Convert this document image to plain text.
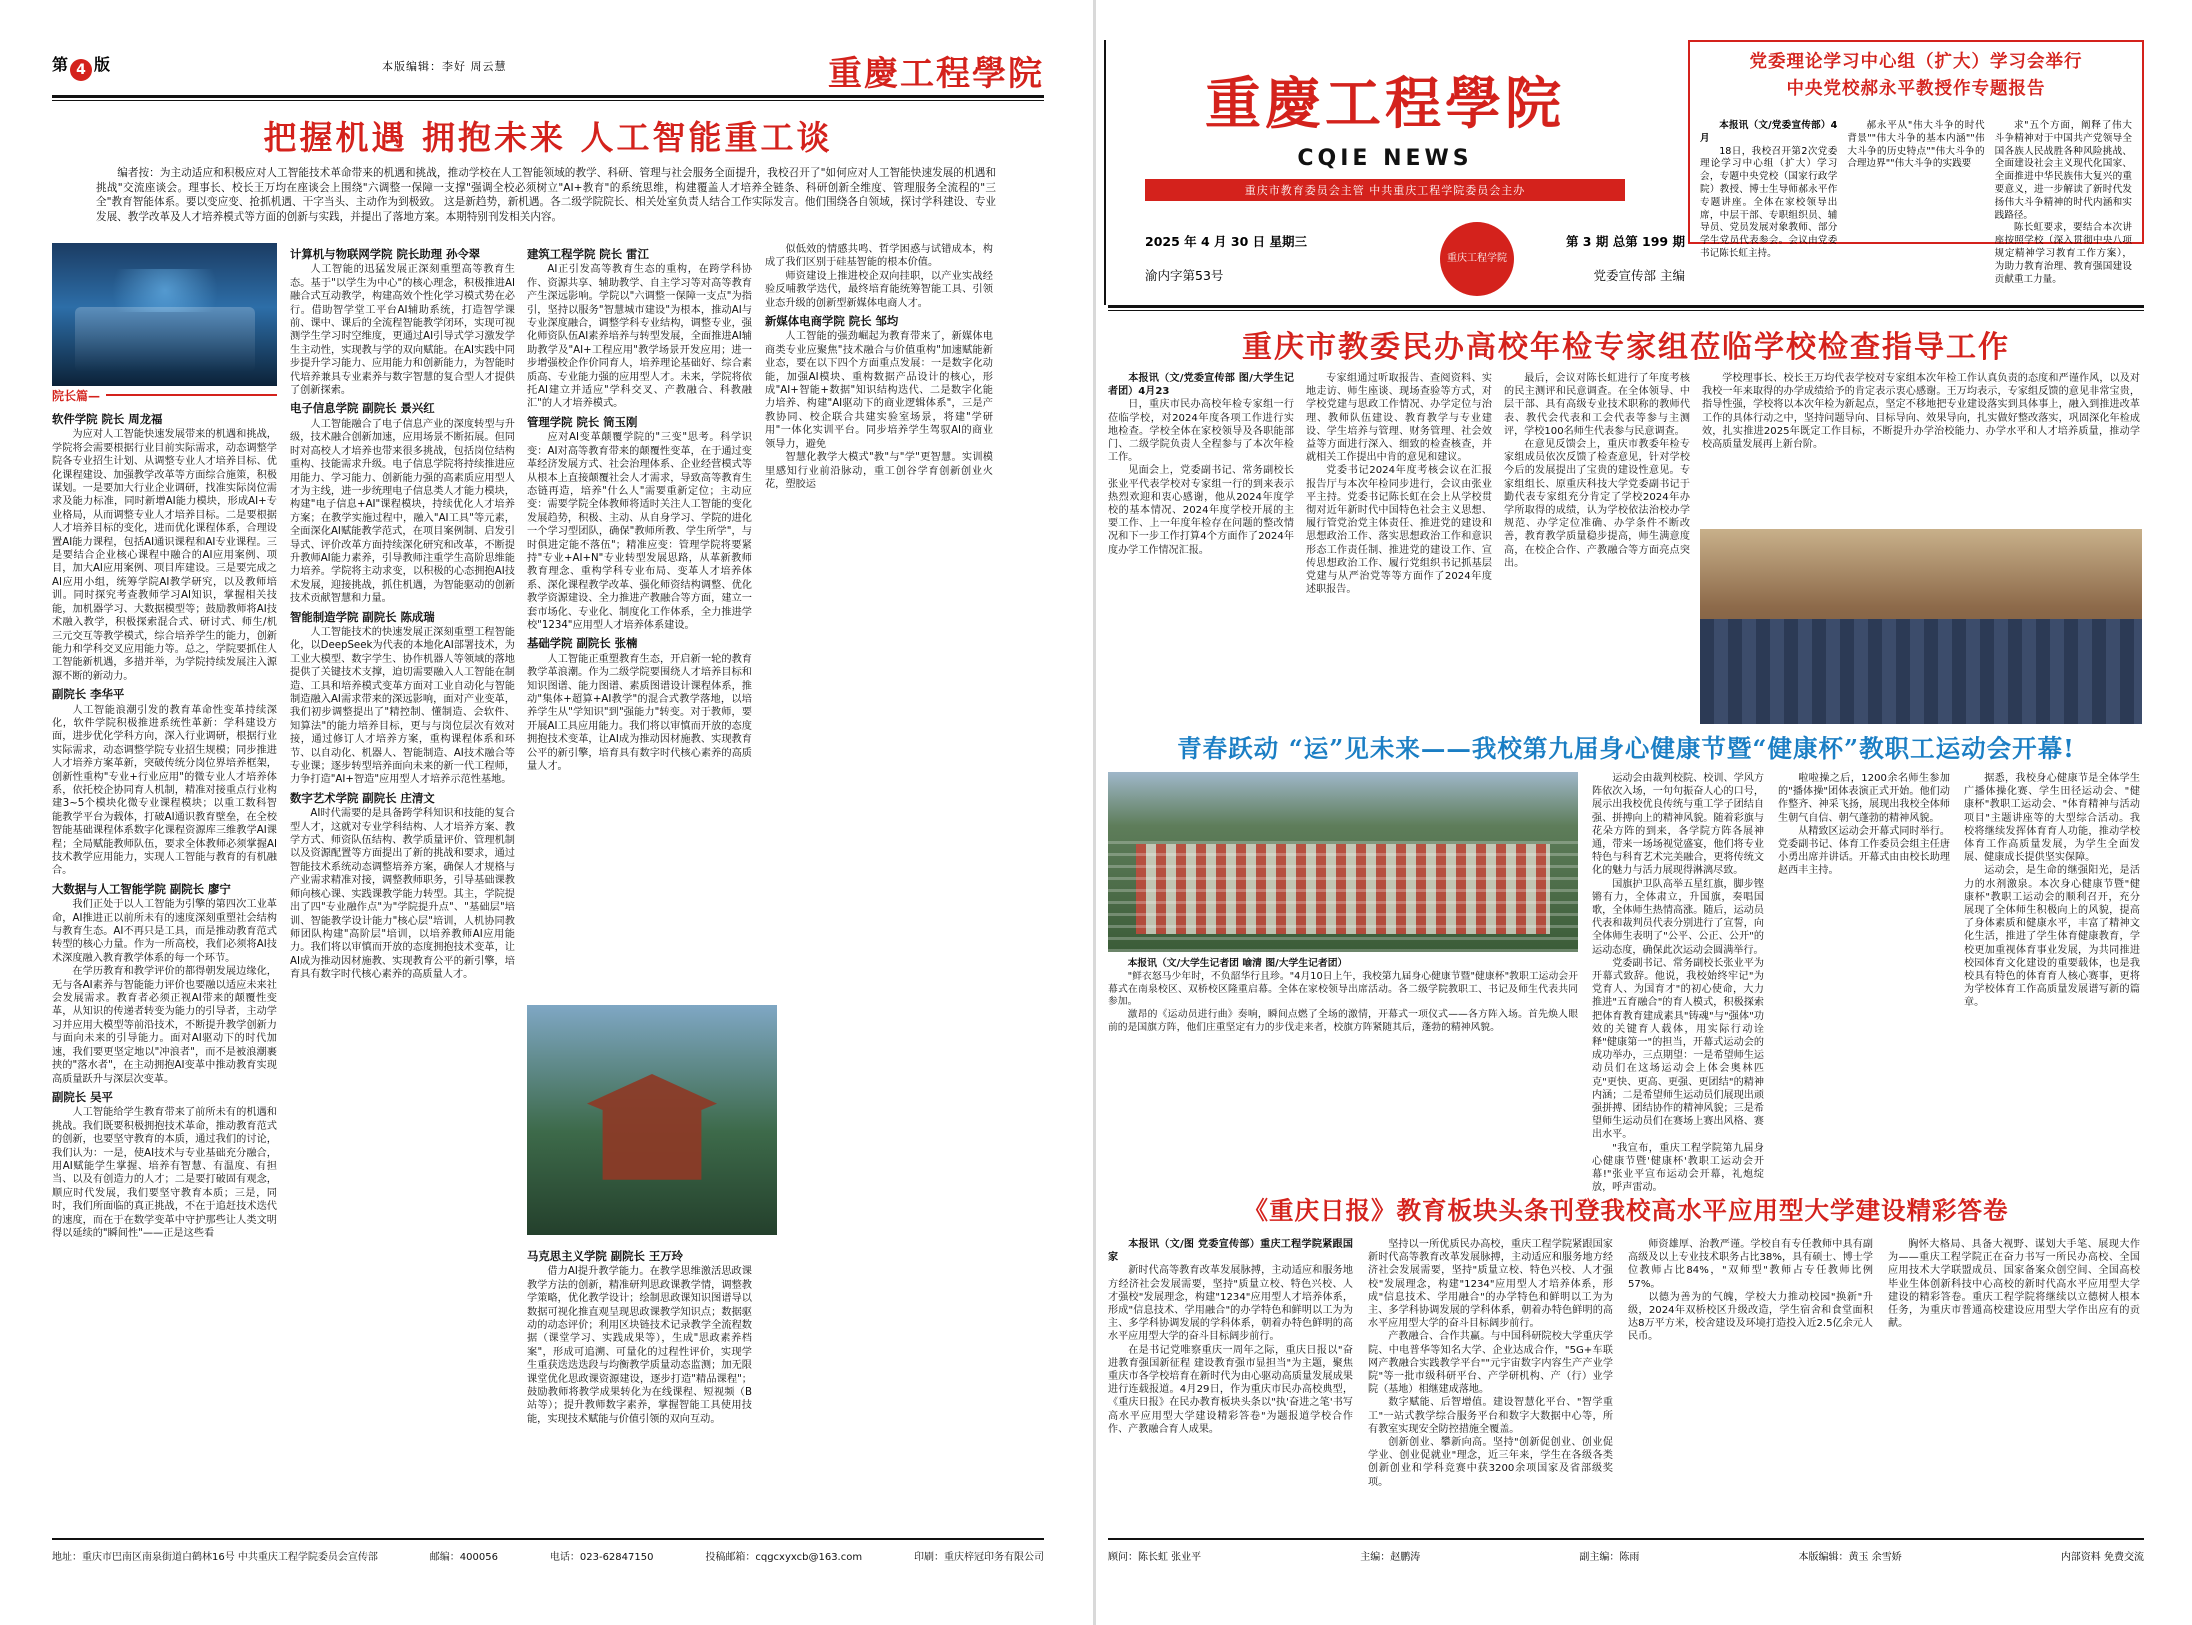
第 4 版	本版编辑：李好 周云慧	重慶工程學院
把握机遇 拥抱未来 人工智能重工谈

编者按：为主动适应和积极应对人工智能技术革命带来的机遇和挑战，推动学校在人工智能领域的教学、科研、管理与社会服务全面提升，我校召开了"如何应对人工智能快速发展的机遇和挑战"交流座谈会。理事长、校长王万均在座谈会上围绕"六调整一保障一支撑"强调全校必须树立"AI+教育"的系统思维，构建覆盖人才培养全链条、科研创新全维度、管理服务全流程的"三全"教育智能体系。要以变应变、抢抓机遇、干字当头、主动作为到极致。 这是新趋势，新机遇。各二级学院院长、相关处室负责人结合工作实际发言。他们围绕各自领域，探讨学科建设、专业发展、教学改革及人才培养模式等方面的创新与实践，并提出了落地方案。本期特别刊发相关内容。

院长篇—
软件学院 院长 周龙福

为应对人工智能快速发展带来的机遇和挑战，学院将会需要根据行业目前实际需求，动态调整学院各专业招生计划、从调整专业人才培养目标、优化课程建设、加强教学改革等方面综合施策，积极谋划。一是要加大行业企业调研，找准实际岗位需求及能力标准，同时新增AI能力模块，形成AI+专业格局，从而调整专业人才培养目标。二是要根据人才培养目标的变化，进而优化课程体系，合理设置AI能力课程，包括AI通识课程和AI专业课程。三是要结合企业核心课程中融合的AI应用案例、项目，加大AI应用案例、项目库建设。三是要完成之AI应用小组，统筹学院AI教学研究，以及教师培训。同时探究考查教师学习AI知识，掌握相关技能，加机器学习、大数据模型等；鼓励教师将AI技术融入教学，积极探索混合式、研讨式、师生/机三元交互等教学模式，综合培养学生的能力，创新能力和学科交叉应用能力等。总之，学院要抓住人工智能新机遇，多措并举，为学院持续发展注入源源不断的新动力。

副院长 李华平

人工智能浪潮引发的教育革命性变革持续深化，软件学院积极推进系统性革新：学科建设方面，进步优化学科方向，深入行业调研，根据行业实际需求，动态调整学院专业招生规模；同步推进人才培养方案革新，突破传统分岗位界培养框架，创新性重构"专业+行业应用"的微专业人才培养体系，依托校企协同育人机制，精准对接重点行业构建3~5个模块化微专业课程模块；以重工数科智能教学平台为载体，打破AI通识教育壁垒，在全校智能基础课程体系数字化课程资源库三维教学AI课程；全局赋能教师队伍，要求全体教师必须掌握AI技术教学应用能力，实现人工智能与教育的有机融合。

大数据与人工智能学院 副院长 廖宁

我们正处于以人工智能为引擎的第四次工业革命，AI推进正以前所未有的速度深刻重塑社会结构与教育生态。AI不再只是工具，而是推动教育范式转型的核心力量。作为一所高校，我们必须将AI技术深度融入教育教学体系的每一个环节。

在学历教育和教学评价的都得朝发展边缘化，无与各AI素养与智能能力评价也要融以适应未来社会发展需求。教育者必须正视AI带来的颠覆性变革，从知识的传递者转变为能力的引导者，主动学习并应用大模型等前沿技术，不断提升教学创新力与面向未来的引导能力。面对AI驱动下的时代加速，我们要更坚定地以"冲浪者"，而不是被浪潮裹挟的"落水者"，在主动拥抱AI变革中推动教育实现高质量跃升与深层次变革。

副院长 吴平

人工智能给学生教育带来了前所未有的机遇和挑战。我们既要积极拥抱技术革命，推动教育范式的创新，也要坚守教育的本质，通过我们的讨论，我们认为：一是，使AI技术与专业基础充分融合，用AI赋能学生掌握、培养有智慧、有温度、有担当、以及有创造力的人才；二是要打破固有观念，顺应时代发展，我们要坚守教育本质；三是，同时，我们所面临的真正挑战，不在于追赶技术迭代的速度，而在于在数学变革中守护那些让人类文明得以延续的"瞬间性"——正是这些看

计算机与物联网学院 院长助理 孙令翠

人工智能的迅猛发展正深刻重塑高等教育生态。基于"以学生为中心"的核心理念，积极推进AI融合式互动教学，构建高效个性化学习模式势在必行。借助智学堂工平台AI辅助系统，打造智学课前、课中、课后的全流程智能教学闭环，实现可视测学生学习时空维度，更通过AI引导式学习激发学生主动性，实现教与学的双向赋能。在AI实践中同步提升学习能力、应用能力和创新能力，为智能时代培养兼具专业素养与数字智慧的复合型人才提供了创新探索。

电子信息学院 副院长 景兴红

人工智能融合了电子信息产业的深度转型与升级，技术融合创新加速，应用场景不断拓展。但同时对高校人才培养也带来很多挑战，包括岗位结构重构、技能需求升级。电子信息学院将持续推进应用能力、学习能力、创新能力强的高素质应用型人才为主线，进一步统理电子信息类人才能力模块，构建"电子信息+AI"课程模块，持续优化人才培养方案；在教学实施过程中，融入"AI工具"等元素，全面深化AI赋能教学范式，在项目案例制、启发引导式、评价改革方面持续深化研究和改革，不断提升教师AI能力素养，引导教师注重学生高阶思维能力培养。学院将主动求变，以积极的心态拥抱AI技术发展，迎接挑战，抓住机遇，为智能驱动的创新技术贡献智慧和力量。

智能制造学院 副院长 陈成瑞

人工智能技术的快速发展正深刻重塑工程智能化，以DeepSeek为代表的本地化AI部署技术，为工业大模型、数字学生、协作机器人等领域的落地提供了关键技术支撑，迫切需要融入人工智能在制造、工具和培养模式变革方面对工业自动化与智能制造融入AI需求带来的深远影响，面对产业变革，我们初步调整提出了"精控制、懂制造、会软件、知算法"的能力培养目标，更与与岗位层次有效对接，通过修订人才培养方案，重构课程体系和环节、以自动化、机器人、智能制造、AI技术融合等专业课；逐步转型培养面向未来的新一代工程师，力争打造"AI+智造"应用型人才培养示范性基地。

数字艺术学院 副院长 庄清文

AI时代需要的是具备跨学科知识和技能的复合型人才，这就对专业学科结构、人才培养方案、教学方式、师资队伍结构、教学质量评价、管理机制以及资源配置等方面提出了新的挑战和要求，通过智能技术系统动态调整培养方案，确保人才规格与产业需求精准对接，调整教师职务，引导基础课教师向核心课、实践课教学能力转型。其主，学院提出了四"专业融作点"为"学院提升点"、"基础层"培训、智能教学设计能力"核心层"培训，人机协同教师团队构建"高阶层"培训，以培养教师AI应用能力。我们将以审慎而开放的态度拥抱技术变革，让AI成为推动因材施教、实现教育公平的新引擎，培育具有数字时代核心素养的高质量人才。

建筑工程学院 院长 雷江

AI正引发高等教育生态的重构，在跨学科协作、资源共享、辅助教学、自主学习等对高等教育产生深远影响。学院以"六调整一保障一支点"为指引，坚持以服务"智慧城市建设"为根本，推动AI与专业深度融合，调整学科专业结构，调整专业，强化师资队伍AI素养培养与转型发展，全面推进AI辅助教学及"AI+工程应用"教学场景开发应用；进一步增强校企作价同育人，培养理论基础好、综合素质高、专业能力强的应用型人才。未来，学院将依托AI建立并适应"学科交叉、产教融合、科教融汇"的人才培养模式。

管理学院 院长 筒玉刚

应对AI变革颠覆学院的"三变"思考。科学识变：AI对高等教育带来的颠覆性变革，在于通过变革经济发展方式、社会治理体系、企业经营模式等从根本上直接颠覆社会人才需求，导致高等教育生态链再造，培养"什么人"需要重新定位；主动应变：需要学院全体教师将适时关注人工智能的变化发展趋势，积极、主动、从自身学习、学院的进化一个学习型团队，确保"教师所教、学生所学"，与时俱进定能不落伍"；精准应变：管理学院将要紧持"专业+AI+N"专业转型发展思路，从革新教师教育理念、重构学科专业布局、变革人才培养体系、深化课程教学改革、强化师资结构调整、优化教学资源建设、全力推进产教融合等方面，建立一套市场化、专业化、制度化工作体系，全力推进学校"1234"应用型人才培养体系建设。

基础学院 副院长 张楠

人工智能正重塑教育生态，开启新一轮的教育教学革浪潮。作为二级学院要围绕人才培养目标和知识图谱、能力图谱、素质图谱设计课程体系，推动"集体+超算+AI教学"的混合式教学落地，以培养学生从"学知识"到"强能力"转变。对于教师，要开展AI工具应用能力。我们将以审慎而开放的态度拥抱技术变革，让AI成为推动因材施教、实现教育公平的新引擎，培育具有数字时代核心素养的高质量人才。

马克思主义学院 副院长 王万玲

借力AI提升教学能力。在教学思维激活思政课教学方法的创新，精准研判思政课教学情，调整教学策略，优化教学设计；绘制思政课知识图谱导以数据可视化推直观呈现思政课教学知识点；数据驱动的动态评价；利用区块链技术记录教学全流程数据（课堂学习、实践成果等），生成"思政素养档案"，形成可追溯、可量化的过程性评价，实现学生重获迭迭迭段与均衡教学质量动态监测；加无限课堂优化思政课资源建设，逐步打造"精品课程"；鼓励教师将教学成果转化为在线课程、短视频（B站等）；提升教师数字素养，掌握智能工具使用技能，实现技术赋能与价值引领的双向互动。

似低效的情感共鸣、哲学困惑与试错成本，构成了我们区别于硅基智能的根本价值。

师资建设上推进校企双向挂职，以产业实战经验反哺教学迭代，最终培育能统筹智能工具、引领业态升级的创新型新媒体电商人才。

新媒体电商学院 院长 邹均

人工智能的强劲崛起为教育带来了，新媒体电商类专业应聚焦"技术融合与价值重构"加速赋能新业态，要在以下四个方面重点发展：一是数字化动能，加强AI模块、重构数据产品设计的核心，形成"AI+智能+数据"知识结构迭代、二是数字化能力培养、构建"AI驱动下的商业逻辑体系"，三是产教协同、校企联合共建实验室场景，将建"学研用"一体化实训平台。同步培养学生驾驭AI的商业领导力，避免

智慧化教学大模式"教"与"学"更智慧。实训模里感知行业前沿脉动，重工创谷学育创新创业火花，塑胶运

地址：重庆市巴南区南泉街道白鹤林16号 中共重庆工程学院委员会宣传部	邮编：400056	电话：023-62847150	投稿邮箱：cqgcxyxcb@163.com	印刷：重庆梓冠印务有限公司
重慶工程學院
CQIE NEWS
重庆市教育委员会主管 中共重庆工程学院委员会主办
2025 年 4 月 30 日 星期三	第 3 期 总第 199 期
渝内字第53号	党委宣传部 主编
重庆工程学院
党委理论学习中心组（扩大）学习会举行
中央党校郝永平教授作专题报告

本报讯（文/党委宣传部）4月

18日，我校召开第2次党委理论学习中心组（扩大）学习会，专题中央党校（国家行政学院）教授、博士生导师郝永平作专题讲座。全体在家校领导出席，中层干部、专职组织员、辅导员、党员发展对象教师、部分学生党员代表参会。会议由党委书记陈长虹主持。

郝永平从"伟大斗争的时代背景""伟大斗争的基本内涵""伟大斗争的历史特点""伟大斗争的合理边界""伟大斗争的实践要

求"五个方面，阐释了伟大斗争精神对于中国共产党领导全国各族人民战胜各种风险挑战、全面建设社会主义现代化国家、全面推进中华民族伟大复兴的重要意义，进一步解读了新时代发扬伟大斗争精神的时代内涵和实践路径。

陈长虹要求，要结合本次讲座按照学校（深入贯彻中央八项规定精神学习教育工作方案），为助力教育治理、教育强国建设贡献重工力量。

重庆市教委民办高校年检专家组莅临学校检查指导工作

本报讯（文/党委宣传部 图/大学生记者团）4月23

日，重庆市民办高校年检专家组一行莅临学校，对2024年度各项工作进行实地检查。学校全体在家校领导及各职能部门、二级学院负责人全程参与了本次年检工作。

见面会上，党委副书记、常务副校长张业平代表学校对专家组一行的到来表示热烈欢迎和衷心感谢，他从2024年度学校的基本情况、2024年度学校开展的主要工作、上一年度年检存在问题的整改情况和下一步工作打算4个方面作了2024年度办学工作情况汇报。

专家组通过听取报告、查阅资料、实地走访、师生座谈、现场查验等方式，对学校党建与思政工作情况、办学定位与治理、教师队伍建设、教育教学与专业建设、学生培养与管理、财务管理、社会效益等方面进行深入、细致的检查核查，并就相关工作提出中肯的意见和建议。

党委书记2024年度考核会议在汇报报告厅与本次年检同步进行，会议由张业平主持。党委书记陈长虹在会上从学校贯彻对近年新时代中国特色社会主义思想、履行管党治党主体责任、推进党的建设和思想政治工作、落实思想政治工作和意识形态工作责任制、推进党的建设工作、宣传思想政治工作、履行党组织书记抓基层党建与从严治党等等方面作了2024年度述职报告。

最后，会议对陈长虹进行了年度考核的民主测评和民意调查。在全体领导、中层干部、具有高级专业技术职称的教师代表、教代会代表和工会代表等参与主测评，学校100名师生代表参与民意调查。

在意见反馈会上，重庆市教委年检专家组成员依次反馈了检查意见，针对学校今后的发展提出了宝贵的建设性意见。专家组组长、原重庆科技大学党委副书记于勤代表专家组充分肯定了学校2024年办学所取得的成绩，认为学校依法治校办学规范、办学定位准确、办学条件不断改善，教育教学质量稳步提高，师生满意度高，在校企合作、产教融合等方面亮点突出。

学校理事长、校长王万均代表学校对专家组本次年检工作认真负责的态度和严谨作风，以及对我校一年来取得的办学成绩给予的肯定表示衷心感谢。王万均表示，专家组反馈的意见非常宝贵，指导性强，学校将以本次年检为新起点，坚定不移地把专业建设落实到具体事上，融入到推进改革工作的具体行动之中，坚持问题导向、目标导向、效果导向，扎实做好整改落实，巩固深化年检成效，扎实推进2025年既定工作目标，不断提升办学治校能力、办学水平和人才培养质量，推动学校高质量发展再上新台阶。

青春跃动 “运”见未来——我校第九届身心健康节暨“健康杯”教职工运动会开幕!

本报讯（文/大学生记者团 喻清 图/大学生记者团）

"鲜衣怒马少年时，不负韶华行且珍。"4月10日上午，我校第九届身心健康节暨"健康杯"教职工运动会开幕式在南泉校区、双桥校区隆重启幕。全体在家校领导出席活动。各二级学院教职工、书记及师生代表共同参加。

激昂的《运动员进行曲》奏响，瞬间点燃了全场的激情，开幕式一项仪式——各方阵入场。首先焕人眼前的是国旗方阵，他们庄重坚定有力的步伐走来者，校旗方阵紧随其后，蓬勃的精神风貌。

运动会由裁判校院、校训、学风方阵依次入场，一句句振奋人心的口号，展示出我校优良传统与重工学子团结自强、拼搏向上的精神风貌。随着彩旗与花朵方阵的到来，各学院方阵各展神通，带来一场场视觉盛宴，他们将专业特色与科育艺术完美融合，更将传统文化的魅力与活力展现得淋漓尽致。

国旗护卫队高举五星红旗，脚步铿锵有力，全体肃立，升国旗，奏唱国歌，全体师生热情高涨。随后，运动员代表和裁判员代表分别进行了宣誓，向全体师生表明了"公平、公正、公开"的运动态度，确保此次运动会圆满举行。

党委副书记、常务副校长张业平为开幕式致辞。他说，我校始终牢记"为党育人、为国育才"的初心使命，大力推进"五育融合"的育人模式，积极探索把体育教育建成素具"铸魂"与"强体"功效的关键育人载体，用实际行动诠释"健康第一"的担当，开幕式运动会的成功举办，三点期望：一是希望师生运动员们在这场运动会上体会奥林匹克"更快、更高、更强、更团结"的精神内涵；二是希望师生运动员们展现出顽强拼搏、团结协作的精神风貌；三是希望师生运动员们在赛场上赛出风格、赛出水平。

"我宣布，重庆工程学院第九届身心健康节暨'健康杯'教职工运动会开幕!"张业平宣布运动会开幕，礼炮绽放，呼声雷动。

啦啦操之后，1200余名师生参加的"播体操"团体表演正式开始。他们动作整齐、神采飞扬，展现出我校全体师生朝气自信、朝气蓬勃的精神风貌。

从精致区运动会开幕式同时举行。党委副书记、体育工作委员会组主任唐小勇出席并讲话。开幕式由由校长助理赵西丰主持。

据悉，我校身心健康节是全体学生广播体操化赛、学生田径运动会、"健康杯"教职工运动会、"体育精神与活动项目"主题讲座等的大型综合活动。我校将继续发挥体育育人功能，推动学校体育工作高质量发展，为学生全面发展、健康成长提供坚实保障。

运动会，是生命的继强阳光，是活力的水剂激泉。本次身心健康节暨"健康杯"教职工运动会的顺利召开，充分展现了全体师生积极向上的风貌，提高了身体素质和健康水平，丰富了精神文化生活，推进了学生体育健康教育，学校更加重视体育事业发展，为共同推进校园体育文化建设的重要载体，也是我校具有特色的体育育人核心赛事，更将为学校体育工作高质量发展谱写新的篇章。

《重庆日报》教育板块头条刊登我校高水平应用型大学建设精彩答卷

本报讯（文/图 党委宣传部）重庆工程学院紧跟国家

新时代高等教育改革发展脉搏，主动适应和服务地方经济社会发展需要，坚持"质量立校、特色兴校、人才强校"发展理念，构建"1234"应用型人才培养体系，形成"信息技术、学用融合"的办学特色和鲜明以工为为主、多学科协调发展的学科体系，朝着办特色鲜明的高水平应用型大学的奋斗目标阔步前行。

在是书记党唯察重庆一周年之际，重庆日报以"奋进教育强国新征程 建设教育强市显担当"为主题，聚焦重庆市各学校培育在新时代为由心驱动高质量发展成果进行连载报道。4月29日，作为重庆市民办高校典型，《重庆日报》在民办教育板块头条以"执'奋进之笔'书写高水平应用型大学建设精彩答卷"为题报道学校合作作、产教融合育人成果。

坚持以一所优质民办高校，重庆工程学院紧跟国家新时代高等教育改革发展脉搏，主动适应和服务地方经济社会发展需要，坚持"质量立校、特色兴校、人才强校"发展理念，构建"1234"应用型人才培养体系，形成"信息技术、学用融合"的办学特色和鲜明以工为为主、多学科协调发展的学科体系，朝着办特色鲜明的高水平应用型大学的奋斗目标阔步前行。

产教融合、合作共赢。与中国科研院校大学重庆学院、中电普华等知名大学、企业达成合作，"5G+车联网产教融合实践教学平台""元宇宙数字内容生产产业学院"等一批市级科研平台、产学研机构、产（行）业学院（基地）相继建成落地。

数字赋能、后智增值。建设智慧化平台、"智学重工"一站式教学综合服务平台和数字大数据中心等，所有教室实现安全防控措施全覆盖。

创新创业、攀新向高。坚持"创新促创业、创业促学业、创业促就业"理念，近三年来，学生在各级各类创新创业和学科竞赛中获3200余项国家及省部级奖项。

师资雄厚、治教严谨。学校自有专任教师中具有副高级及以上专业技术职务占比38%，具有硕士、博士学位教师占比84%，"双师型"教师占专任教师比例57%。

以德为善为的气魄，学校大力推动校园"换新"升级，2024年双桥校区升级改造，学生宿舍和食堂面积达8万平方米，校舍建设及环境打造投入近2.5亿余元人民币。

胸怀大格局、具备大视野、谋划大手笔、展现大作为——重庆工程学院正在奋力书写一所民办高校、全国应用技术大学联盟成员、国家备案众创空间、全国高校毕业生体创新科技中心高校的新时代高水平应用型大学建设的精彩答卷。重庆工程学院将继续以立德树人根本任务，为重庆市普通高校建设应用型大学作出应有的贡献。

顾问：陈长虹 张业平	主编：赵鹏涛	副主编：陈雨	本版编辑：黄玉 余雪娇	内部资料 免费交流
